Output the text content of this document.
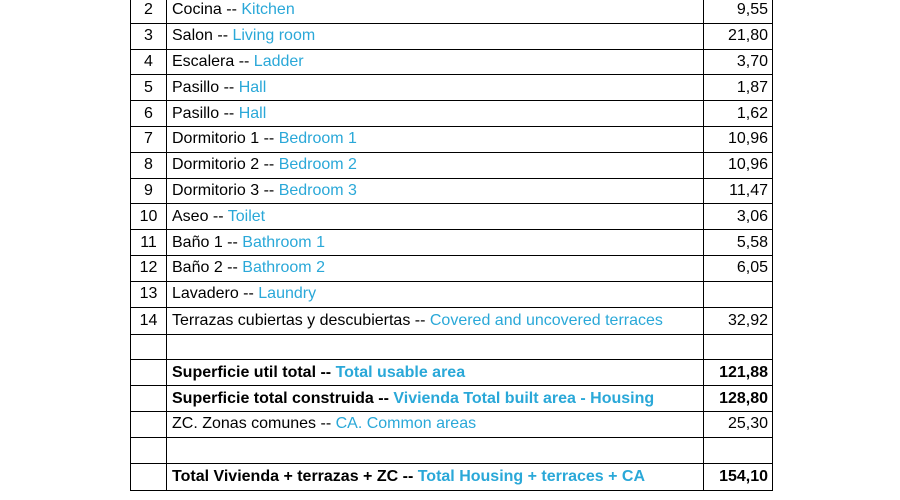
2	Cocina -- Kitchen	9,55
3	Salon -- Living room	21,80
4	Escalera -- Ladder	3,70
5	Pasillo -- Hall	1,87
6	Pasillo -- Hall	1,62
7	Dormitorio 1 -- Bedroom 1	10,96
8	Dormitorio 2 -- Bedroom 2	10,96
9	Dormitorio 3 -- Bedroom 3	11,47
10	Aseo -- Toilet	3,06
11	Baño 1 -- Bathroom 1	5,58
12	Baño 2 -- Bathroom 2	6,05
13	Lavadero -- Laundry	
14	Terrazas cubiertas y descubiertas -- Covered and uncovered terraces	32,92

	Superficie util total -- Total usable area	121,88
	Superficie total construida -- Vivienda Total built area - Housing	128,80
	ZC. Zonas comunes -- CA. Common areas	25,30

	Total Vivienda + terrazas + ZC -- Total Housing + terraces + CA	154,10
